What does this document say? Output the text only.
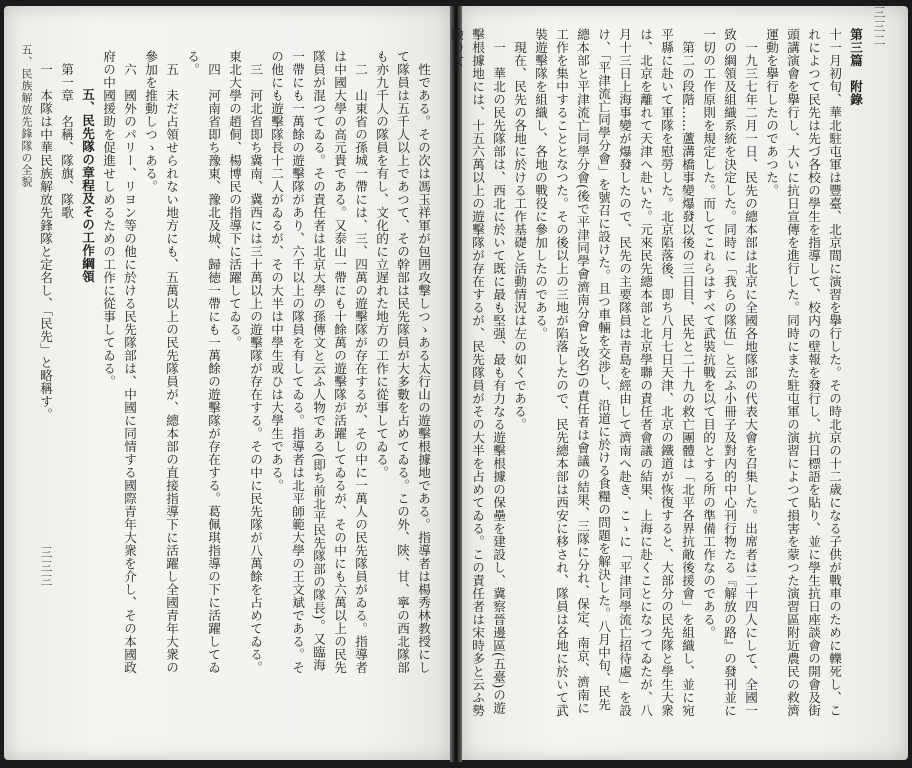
性である。その次は馮玉祥軍が包囲攻撃しつゝある太行山の遊擊根據地である。指導者は楊秀林教授にして隊員は五千人以上であつて、その幹部は民先隊員が大多數を占めてゐる。この外、陝、甘、寧の西北隊部も亦九千人の隊員を有し、文化的に立遅れた地方の工作に從事してゐる。

二　山東省の孫城一帶には、三、四萬の遊擊隊が存在するが、その中に一萬人の民先隊員がゐる。指導者は中國大學の高元貴である。又泰山一帶にも十餘萬の遊擊隊が活躍してゐるが、その中にも六萬以上の民先隊員が混つてゐる。その責任者は北京大學の孫傳文と云ふ人物である(即ち前北平民先隊部の隊長)。又臨海一帶にも一萬餘の遊擊隊があり、六千以上の隊員を有してゐる。指導者は北平師範大學の王文斌である。その他にも遊擊隊長十二人がゐるが、その大半は中學生或ひは大學生である。

三　河北省即ち冀南、冀西には三十萬以上の遊擊隊が存在する。その中に民先隊が八萬餘を占めてゐる。東北大學の趙侗、楊博民の指導下に活躍してゐる。

四　河南省即ち豫東、豫北及城、歸徳一帶にも一萬餘の遊擊隊が存在する。葛佩琪指導の下に活躍してゐる。

五　未だ占領せられない地方にも、五萬以上の民先隊員が、總本部の直接指導下に活躍し全國青年大衆の參加を推動しつゝある。

六　國外のパリー、リヨン等の他に於ける民先隊部は、中國に同情する國際青年大衆を介し、その本國政府の中國援助を促進せしめるための工作に從事してゐる。

五、民先隊の章程及その工作綱領

第一章　名稱、隊旗、隊歌

一　本隊は中華民族解放先鋒隊と定名し、「民先」と略稱す。

五、民族解放先鋒隊の全貌
三三三
三三二

第三篇　附錄

十一月初旬、華北駐屯軍は豐臺、北京間に演習を擧行した。その時北京の十二歳になる子供が戰車のために轢死し、これによつて民先は先づ各校の學生を指導して、校内の壁報を發行し、抗日標語を貼り、並に學生抗日座談會の開會及街頭講演會を擧行し、大いに抗日宣傳を進行した。同時にまた駐屯軍の演習によつて損害を蒙つた演習區附近農民の救濟運動を擧行したのであつた。

一九三七年二月一日、民先の總本部は北京に全國各地隊部の代表大會を召集した。出席者は二十四人にして、全國一致の綱領及組織系統を決定した。同時に「我らの隊伍」と云ふ小冊子及對内的中心刊行物たる『解放の路』の發刊並に一切の工作原則を規定した。而してこれらはすべて武裝抗戰を以て目的とする所の準備工作なのである。

第二の段階……蘆溝橋事變爆發以後の三日目、民先と二十九の救亡團體は「北平各界抗敵後援會」を組織し、並に宛平縣に赴いて軍隊を慰勞した。北京陷落後、即ち八月七日天津、北京の鐵道が恢復すると、大部分の民先隊と學生大衆は、北京を離れて天津へ赴いた。元來民先總本部と北京學聯の責任者會議の結果、上海に赴くことになつてゐたが、八月十三日上海事變が爆發したので、民先の主要隊員は青島を經由して濟南へ赴き、こゝに「平津同學流亡招待處」を設け、「平津流亡同學分會」を號召に設けた。且つ車輛を交渉し、沿道に於ける食糧の問題を解決した。八月中旬、民先總本部と平津流亡同學分會(後で平津同學會濟南分會と改名)の責任者は會議の結果、三隊に分れ、保定、南京、濟南に工作を集中することとなつた。その後以上の三地が陷落したので、民先總本部は西安に移され、隊員は各地に於いて武裝遊擊隊を組織し、各地の戰役に參加したのである。

現在、民先の各地に於ける工作基礎と活動情況は左の如くである。

一　華北の民先隊部は、西北に於いて既に最も堅强、最も有力なる遊擊根據の保壘を建設し、冀察晉邊區(五臺)の遊擊根據地には、十五六萬以上の遊擊隊が存在するが、民先隊員がその大半を占めてゐる。この責任者は宋時多と云ふ勢險の女
